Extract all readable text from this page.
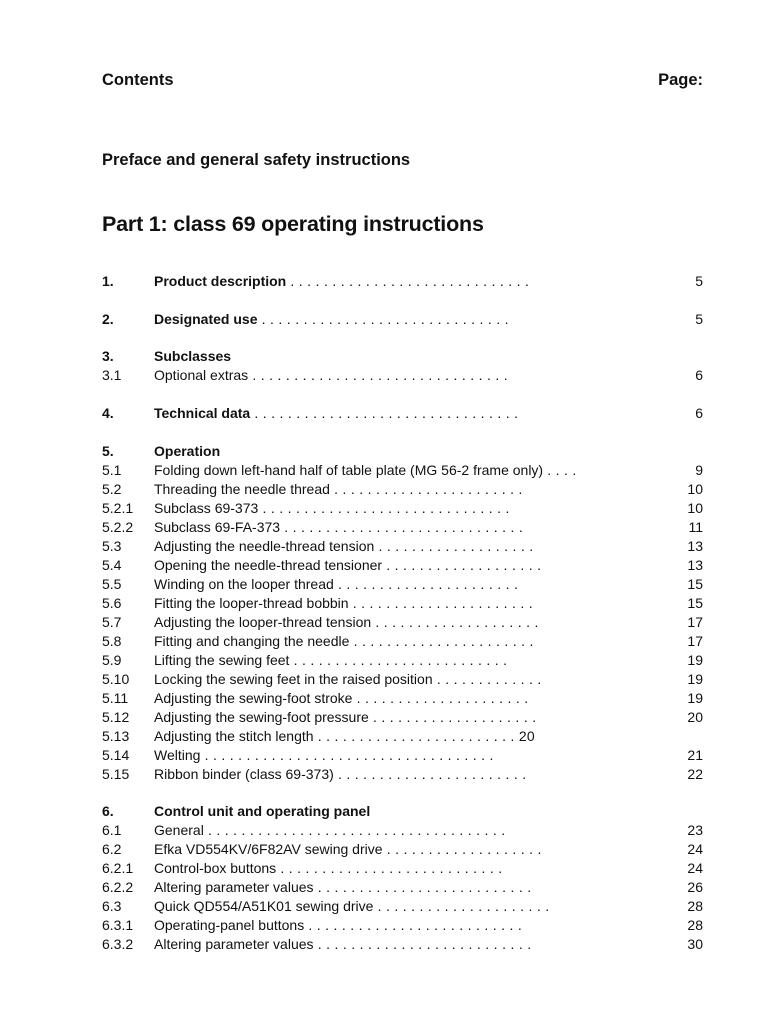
Contents	Page:
Preface and general safety instructions
Part 1: class 69 operating instructions
1.	Product description . . . . . . . . . . . . . . . . . . . . . . . . . . . . .	5
2.	Designated use . . . . . . . . . . . . . . . . . . . . . . . . . . . . . .	5
3.	Subclasses
3.1 Optional extras . . . . . . . . . . . . . . . . . . . . . . . . . . . . . . .	6
4.	Technical data . . . . . . . . . . . . . . . . . . . . . . . . . . . . . . . .	6
5.	Operation
5.1 Folding down left-hand half of table plate (MG 56-2 frame only) . . . .	9
5.2 Threading the needle thread . . . . . . . . . . . . . . . . . . . . . . .	10
5.2.1 Subclass 69-373 . . . . . . . . . . . . . . . . . . . . . . . . . . . . . .	10
5.2.2 Subclass 69-FA-373 . . . . . . . . . . . . . . . . . . . . . . . . . . . . .	11
5.3 Adjusting the needle-thread tension . . . . . . . . . . . . . . . . . . .	13
5.4 Opening the needle-thread tensioner . . . . . . . . . . . . . . . . . . .	13
5.5 Winding on the looper thread . . . . . . . . . . . . . . . . . . . . . .	15
5.6 Fitting the looper-thread bobbin . . . . . . . . . . . . . . . . . . . . . .	15
5.7 Adjusting the looper-thread tension . . . . . . . . . . . . . . . . . . . .	17
5.8 Fitting and changing the needle . . . . . . . . . . . . . . . . . . . . . .	17
5.9 Lifting the sewing feet . . . . . . . . . . . . . . . . . . . . . . . . . .	19
5.10 Locking the sewing feet in the raised position . . . . . . . . . . . . .	19
5.11 Adjusting the sewing-foot stroke . . . . . . . . . . . . . . . . . . . . .	19
5.12 Adjusting the sewing-foot pressure . . . . . . . . . . . . . . . . . . . .	20
5.13 Adjusting the stitch length . . . . . . . . . . . . . . . . . . . . . . . . 20
5.14 Welting . . . . . . . . . . . . . . . . . . . . . . . . . . . . . . . . . . .	21
5.15 Ribbon binder (class 69-373) . . . . . . . . . . . . . . . . . . . . . . .	22
6.	Control unit and operating panel
6.1 General . . . . . . . . . . . . . . . . . . . . . . . . . . . . . . . . . . . .	23
6.2 Efka VD554KV/6F82AV sewing drive . . . . . . . . . . . . . . . . . . .	24
6.2.1 Control-box buttons . . . . . . . . . . . . . . . . . . . . . . . . . . .	24
6.2.2 Altering parameter values . . . . . . . . . . . . . . . . . . . . . . . . . .	26
6.3 Quick QD554/A51K01 sewing drive . . . . . . . . . . . . . . . . . . . . .	28
6.3.1 Operating-panel buttons . . . . . . . . . . . . . . . . . . . . . . . . . .	28
6.3.2 Altering parameter values . . . . . . . . . . . . . . . . . . . . . . . . . .	30
